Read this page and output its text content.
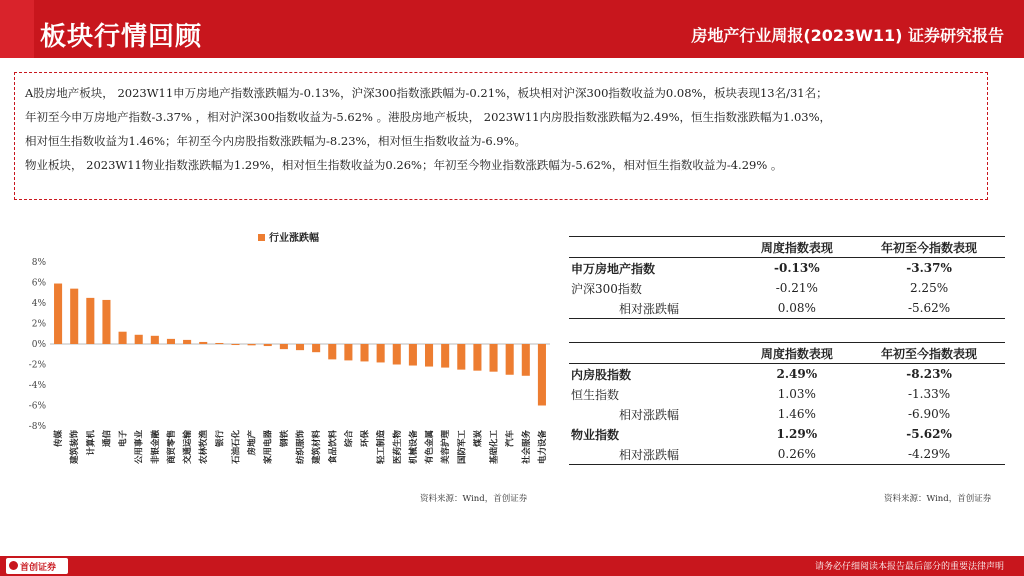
板块行情回顾	房地产行业周报(2023W11) 证券研究报告

A股房地产板块， 2023W11申万房地产指数涨跌幅为-0.13%，沪深300指数涨跌幅为-0.21%，板块相对沪深300指数收益为0.08%，板块表现13名/31名；

年初至今申万房地产指数-3.37% ，相对沪深300指数收益为-5.62% 。港股房地产板块， 2023W11内房股指数涨跌幅为2.49%，恒生指数涨跌幅为1.03%，

相对恒生指数收益为1.46%；年初至今内房股指数涨跌幅为-8.23%，相对恒生指数收益为-6.9%。

物业板块， 2023W11物业指数涨跌幅为1.29%，相对恒生指数收益为0.26%；年初至今物业指数涨跌幅为-5.62%，相对恒生指数收益为-4.29% 。

行业涨跌幅
8%
6%
4%
2%
0%
-2%
-4%
-6%
-8%
传媒 建筑装饰 计算机 通信 电子 公用事业 非银金融 商贸零售 交通运输 农林牧渔 银行 石油石化 房地产 家用电器 钢铁 纺织服饰 建筑材料 食品饮料 综合 环保 轻工制造 医药生物 机械设备 有色金属 美容护理 国防军工 煤炭 基础化工 汽车 社会服务 电力设备
资料来源：Wind，首创证券
	周度指数表现	年初至今指数表现
申万房地产指数	-0.13%	-3.37%
沪深300指数	-0.21%	2.25%
相对涨跌幅	0.08%	-5.62%
	周度指数表现	年初至今指数表现
内房股指数	2.49%	-8.23%
恒生指数	1.03%	-1.33%
相对涨跌幅	1.46%	-6.90%
物业指数	1.29%	-5.62%
相对涨跌幅	0.26%	-4.29%
资料来源：Wind，首创证券
首创证券	请务必仔细阅读本报告最后部分的重要法律声明
